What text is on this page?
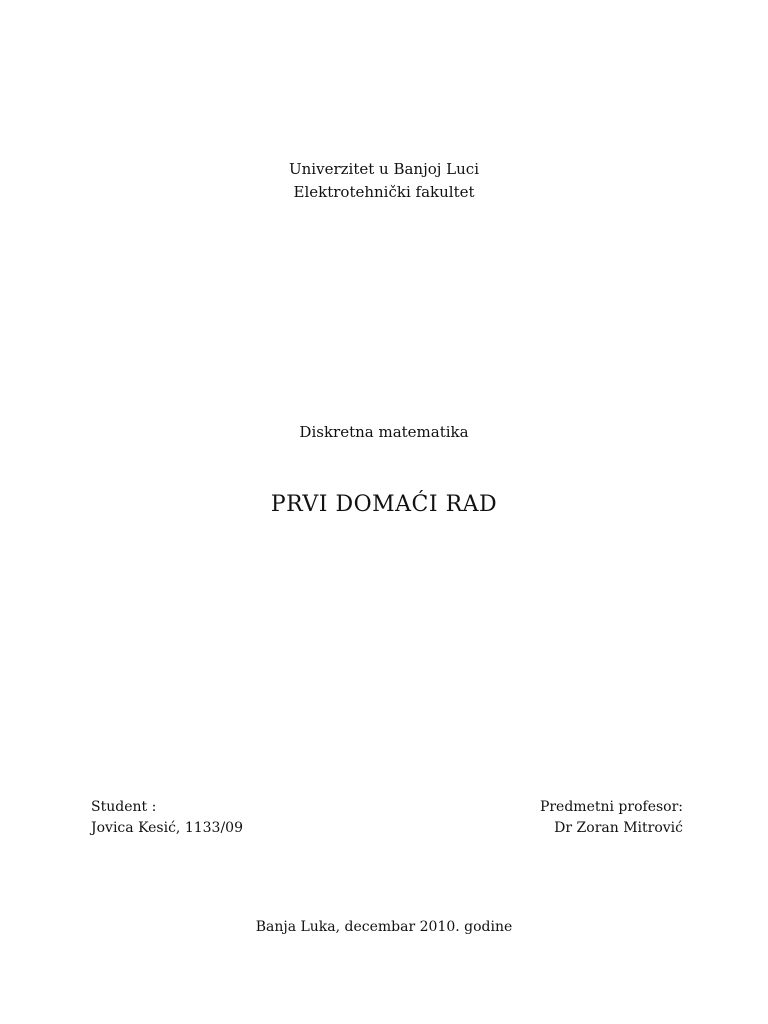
Univerzitet u Banjoj Luci
Elektrotehnički fakultet
Diskretna matematika
PRVI DOMAĆI RAD
Student :
Jovica Kesić, 1133/09
Predmetni profesor:
Dr Zoran Mitrović
Banja Luka, decembar 2010. godine
